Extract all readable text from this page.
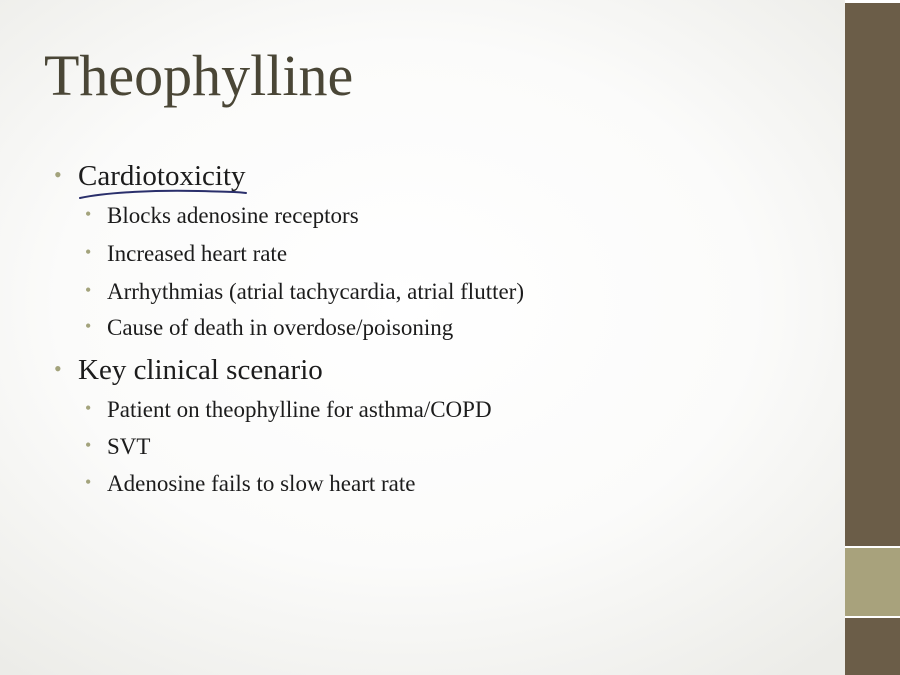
Theophylline
• Cardiotoxicity
• Blocks adenosine receptors
• Increased heart rate
• Arrhythmias (atrial tachycardia, atrial flutter)
• Cause of death in overdose/poisoning
• Key clinical scenario
• Patient on theophylline for asthma/COPD
• SVT
• Adenosine fails to slow heart rate
